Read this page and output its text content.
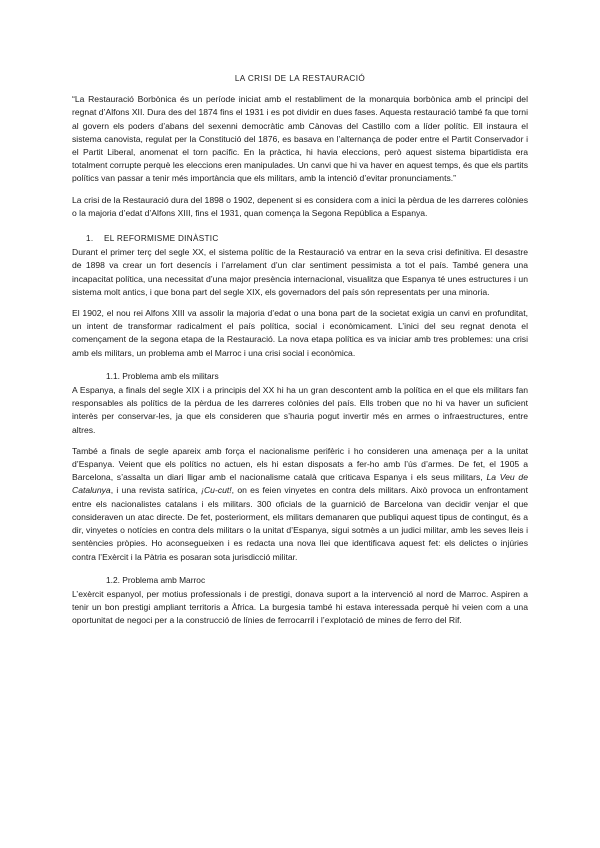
LA CRISI DE LA RESTAURACIÓ

“La Restauració Borbònica és un període iniciat amb el restabliment de la monarquia borbònica amb el principi del regnat d’Alfons XII. Dura des del 1874 fins el 1931 i es pot dividir en dues fases. Aquesta restauració també fa que torni al govern els poders d’abans del sexenni democràtic amb Cànovas del Castillo com a líder polític. Ell instaura el sistema canovista, regulat per la Constitució del 1876, es basava en l’alternança de poder entre el Partit Conservador i el Partit Liberal, anomenat el torn pacífic. En la pràctica, hi havia eleccions, però aquest sistema bipartidista era totalment corrupte perquè les eleccions eren manipulades. Un canvi que hi va haver en aquest temps, és que els partits polítics van passar a tenir més importància que els militars, amb la intenció d’evitar pronunciaments.”

La crisi de la Restauració dura del 1898 o 1902, depenent si es considera com a inici la pèrdua de les darreres colònies o la majoria d’edat d’Alfons XIII, fins el 1931, quan comença la Segona República a Espanya.

1. EL REFORMISME DINÀSTIC

Durant el primer terç del segle XX, el sistema polític de la Restauració va entrar en la seva crisi definitiva. El desastre de 1898 va crear un fort desencís i l’arrelament d’un clar sentiment pessimista a tot el país. També genera una incapacitat política, una necessitat d’una major presència internacional, visualitza que Espanya té unes estructures i un sistema molt antics, i que bona part del segle XIX, els governadors del país són representats per una minoria.

El 1902, el nou rei Alfons XIII va assolir la majoria d’edat o una bona part de la societat exigia un canvi en profunditat, un intent de transformar radicalment el país política, social i econòmicament. L’inici del seu regnat denota el començament de la segona etapa de la Restauració. La nova etapa política es va iniciar amb tres problemes: una crisi amb els militars, un problema amb el Marroc i una crisi social i econòmica.

1.1. Problema amb els militars

A Espanya, a finals del segle XIX i a principis del XX hi ha un gran descontent amb la política en el que els militars fan responsables als polítics de la pèrdua de les darreres colònies del país. Ells troben que no hi va haver un suficient interès per conservar-les, ja que els consideren que s’hauria pogut invertir més en armes o infraestructures, entre altres.

També a finals de segle apareix amb força el nacionalisme perifèric i ho consideren una amenaça per a la unitat d’Espanya. Veient que els polítics no actuen, els hi estan disposats a fer-ho amb l’ús d’armes. De fet, el 1905 a Barcelona, s’assalta un diari lligar amb el nacionalisme català que criticava Espanya i els seus militars, La Veu de Catalunya, i una revista satírica, ¡Cu-cut!, on es feien vinyetes en contra dels militars. Això provoca un enfrontament entre els nacionalistes catalans i els militars. 300 oficials de la guarnició de Barcelona van decidir venjar el que consideraven un atac directe. De fet, posteriorment, els militars demanaren que publiqui aquest tipus de contingut, és a dir, vinyetes o notícies en contra dels militars o la unitat d’Espanya, sigui sotmès a un judici militar, amb les seves lleis i sentències pròpies. Ho aconsegueixen i es redacta una nova llei que identificava aquest fet: els delictes o injúries contra l’Exèrcit i la Pàtria es posaran sota jurisdicció militar.

1.2. Problema amb Marroc

L’exèrcit espanyol, per motius professionals i de prestigi, donava suport a la intervenció al nord de Marroc. Aspiren a tenir un bon prestigi ampliant territoris a Àfrica. La burgesia també hi estava interessada perquè hi veien com a una oportunitat de negoci per a la construcció de línies de ferrocarril i l’explotació de mines de ferro del Rif.
